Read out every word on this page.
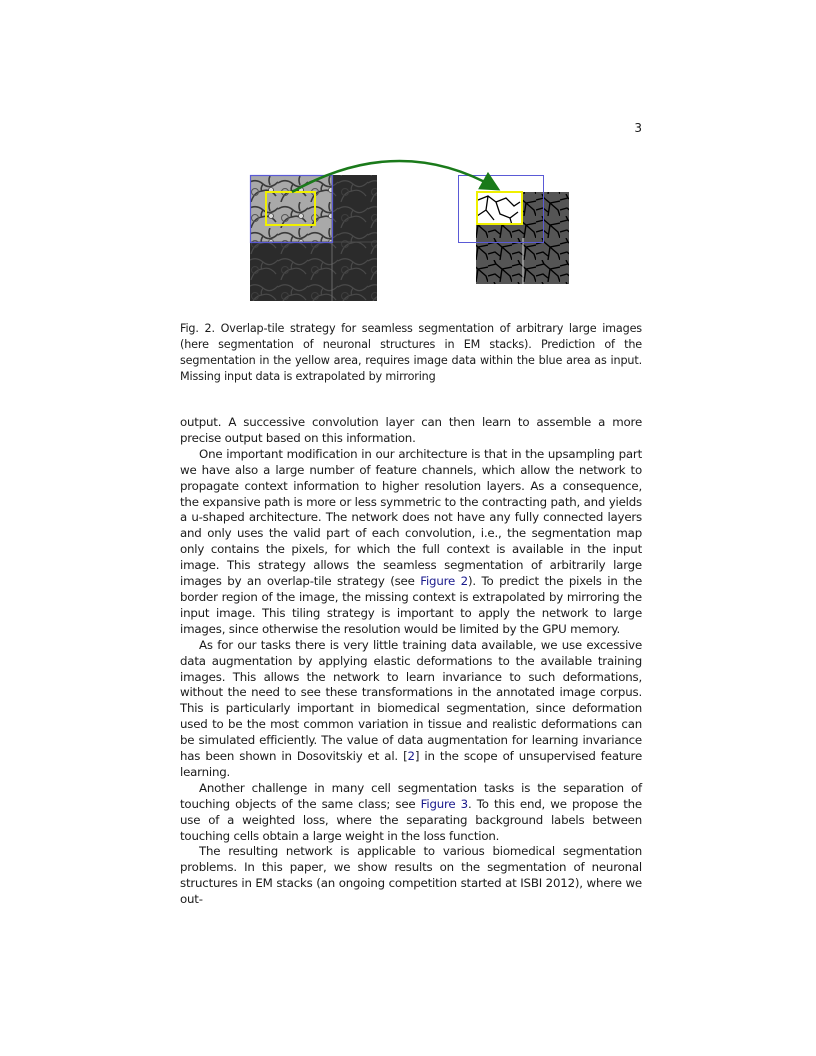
3
Fig. 2. Overlap-tile strategy for seamless segmentation of arbitrary large images (here segmentation of neuronal structures in EM stacks). Prediction of the segmentation in the yellow area, requires image data within the blue area as input. Missing input data is extrapolated by mirroring

output. A successive convolution layer can then learn to assemble a more precise output based on this information.

One important modification in our architecture is that in the upsampling part we have also a large number of feature channels, which allow the network to propagate context information to higher resolution layers. As a consequence, the expansive path is more or less symmetric to the contracting path, and yields a u-shaped architecture. The network does not have any fully connected layers and only uses the valid part of each convolution, i.e., the segmentation map only contains the pixels, for which the full context is available in the input image. This strategy allows the seamless segmentation of arbitrarily large images by an overlap-tile strategy (see Figure 2). To predict the pixels in the border region of the image, the missing context is extrapolated by mirroring the input image. This tiling strategy is important to apply the network to large images, since otherwise the resolution would be limited by the GPU memory.

As for our tasks there is very little training data available, we use excessive data augmentation by applying elastic deformations to the available training images. This allows the network to learn invariance to such deformations, without the need to see these transformations in the annotated image corpus. This is particularly important in biomedical segmentation, since deformation used to be the most common variation in tissue and realistic deformations can be simulated efficiently. The value of data augmentation for learning invariance has been shown in Dosovitskiy et al. [2] in the scope of unsupervised feature learning.

Another challenge in many cell segmentation tasks is the separation of touching objects of the same class; see Figure 3. To this end, we propose the use of a weighted loss, where the separating background labels between touching cells obtain a large weight in the loss function.

The resulting network is applicable to various biomedical segmentation problems. In this paper, we show results on the segmentation of neuronal structures in EM stacks (an ongoing competition started at ISBI 2012), where we out-
